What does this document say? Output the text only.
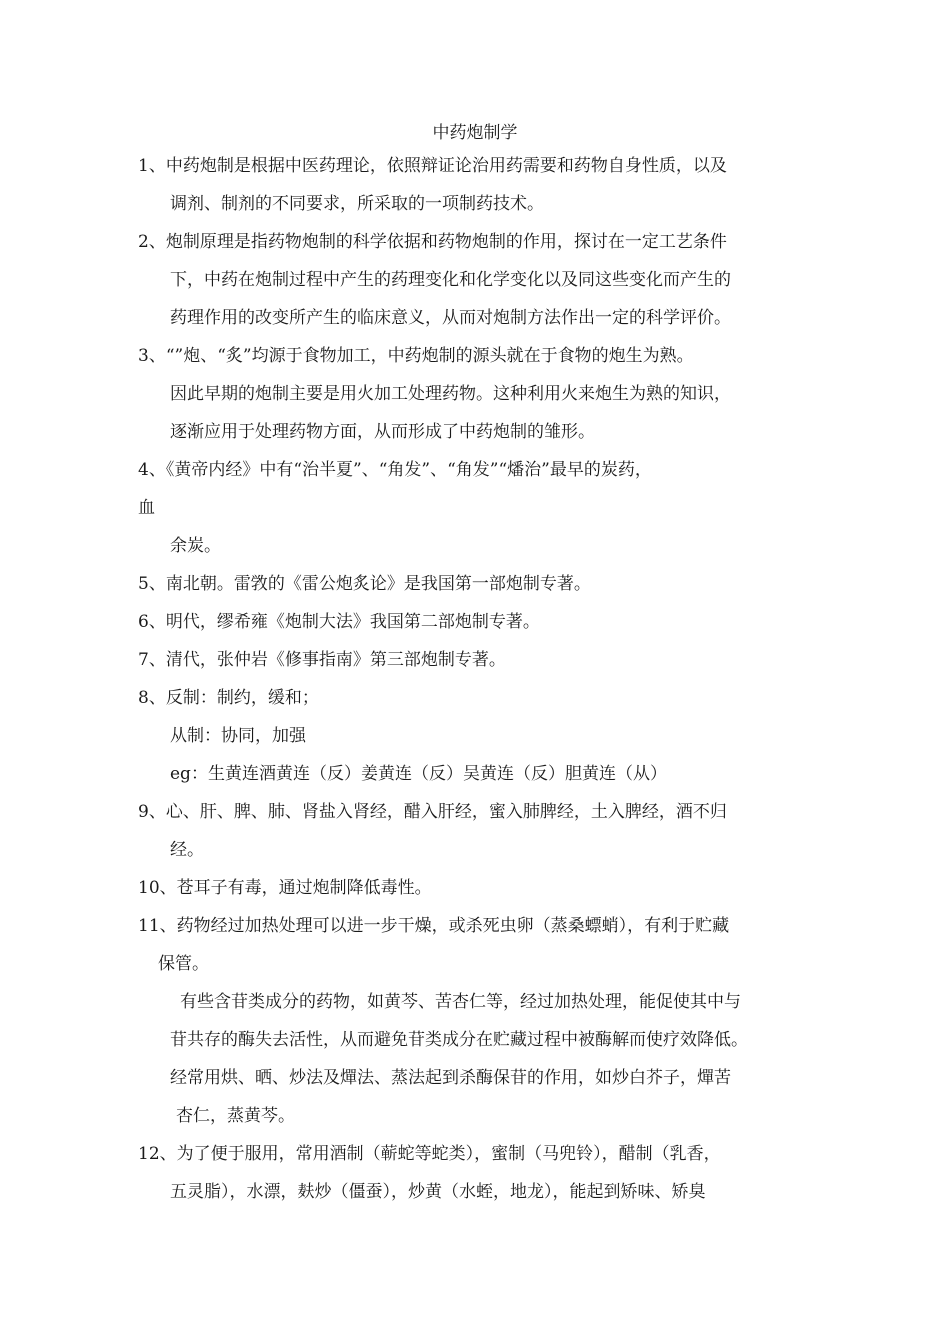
中药炮制学
1、中药炮制是根据中医药理论，依照辩证论治用药需要和药物自身性质，以及
调剂、制剂的不同要求，所采取的一项制药技术。
2、炮制原理是指药物炮制的科学依据和药物炮制的作用，探讨在一定工艺条件
下，中药在炮制过程中产生的药理变化和化学变化以及同这些变化而产生的
药理作用的改变所产生的临床意义，从而对炮制方法作出一定的科学评价。
3、“”炮、“炙”均源于食物加工，中药炮制的源头就在于食物的炮生为熟。
因此早期的炮制主要是用火加工处理药物。这种利用火来炮生为熟的知识，
逐渐应用于处理药物方面，从而形成了中药炮制的雏形。
4、《黄帝内经》中有“治半夏”、“角发”、“角发”“燔治”最早的炭药，
血
余炭。
5、南北朝。雷敩的《雷公炮炙论》是我国第一部炮制专著。
6、明代，缪希雍《炮制大法》我国第二部炮制专著。
7、清代，张仲岩《修事指南》第三部炮制专著。
8、反制：制约，缓和；
从制：协同，加强
eg：生黄连酒黄连（反）姜黄连（反）吴黄连（反）胆黄连（从）
9、心、肝、脾、肺、肾盐入肾经，醋入肝经，蜜入肺脾经，土入脾经，酒不归
经。
10、苍耳子有毒，通过炮制降低毒性。
11、药物经过加热处理可以进一步干燥，或杀死虫卵（蒸桑螵蛸），有利于贮藏
保管。
有些含苷类成分的药物，如黄芩、苦杏仁等，经过加热处理，能促使其中与
苷共存的酶失去活性，从而避免苷类成分在贮藏过程中被酶解而使疗效降低。
经常用烘、晒、炒法及燀法、蒸法起到杀酶保苷的作用，如炒白芥子，燀苦
杏仁，蒸黄芩。
12、为了便于服用，常用酒制（蕲蛇等蛇类），蜜制（马兜铃），醋制（乳香，
五灵脂），水漂，麸炒（僵蚕），炒黄（水蛭，地龙），能起到矫味、矫臭
